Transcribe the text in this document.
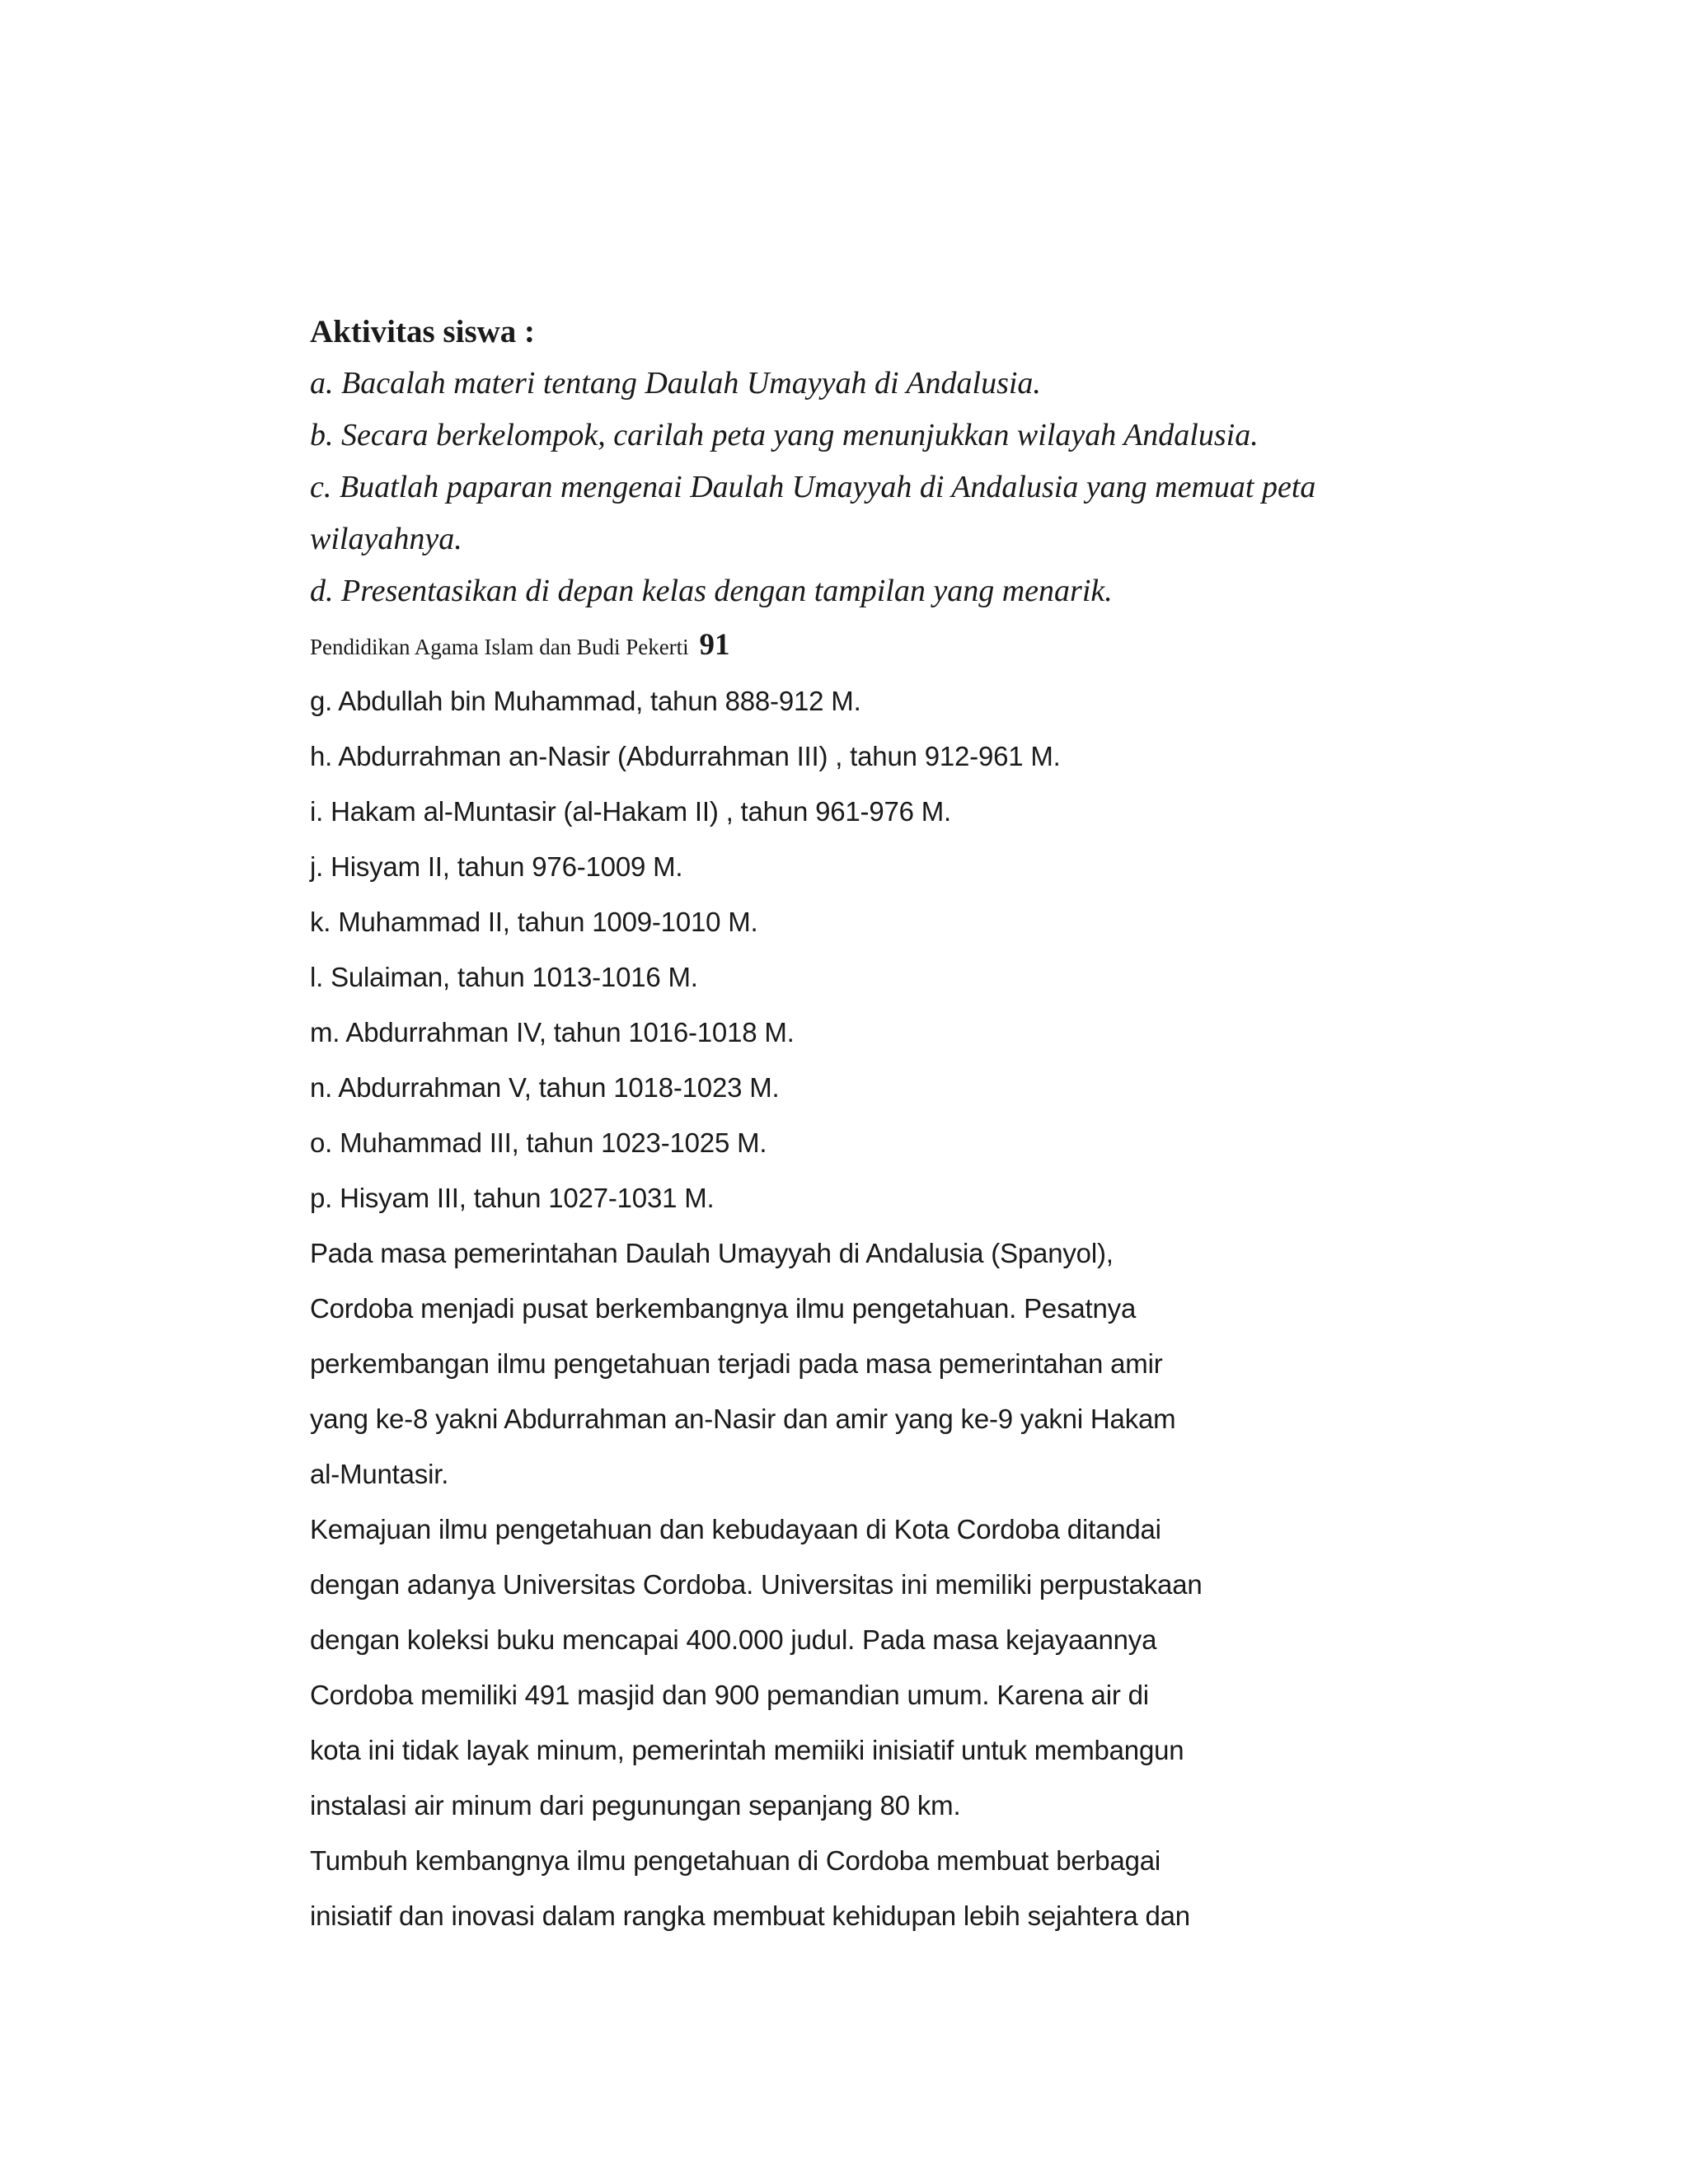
Aktivitas siswa :
a. Bacalah materi tentang Daulah Umayyah di Andalusia.
b. Secara berkelompok, carilah peta yang menunjukkan wilayah Andalusia.
c. Buatlah paparan mengenai Daulah Umayyah di Andalusia yang memuat peta
wilayahnya.
d. Presentasikan di depan kelas dengan tampilan yang menarik.
Pendidikan Agama Islam dan Budi Pekerti 91
g. Abdullah bin Muhammad, tahun 888-912 M.
h. Abdurrahman an-Nasir (Abdurrahman III) , tahun 912-961 M.
i. Hakam al-Muntasir (al-Hakam II) , tahun 961-976 M.
j. Hisyam II, tahun 976-1009 M.
k. Muhammad II, tahun 1009-1010 M.
l. Sulaiman, tahun 1013-1016 M.
m. Abdurrahman IV, tahun 1016-1018 M.
n. Abdurrahman V, tahun 1018-1023 M.
o. Muhammad III, tahun 1023-1025 M.
p. Hisyam III, tahun 1027-1031 M.
Pada masa pemerintahan Daulah Umayyah di Andalusia (Spanyol),
Cordoba menjadi pusat berkembangnya ilmu pengetahuan. Pesatnya
perkembangan ilmu pengetahuan terjadi pada masa pemerintahan amir
yang ke-8 yakni Abdurrahman an-Nasir dan amir yang ke-9 yakni Hakam
al-Muntasir.
Kemajuan ilmu pengetahuan dan kebudayaan di Kota Cordoba ditandai
dengan adanya Universitas Cordoba. Universitas ini memiliki perpustakaan
dengan koleksi buku mencapai 400.000 judul. Pada masa kejayaannya
Cordoba memiliki 491 masjid dan 900 pemandian umum. Karena air di
kota ini tidak layak minum, pemerintah memiiki inisiatif untuk membangun
instalasi air minum dari pegunungan sepanjang 80 km.
Tumbuh kembangnya ilmu pengetahuan di Cordoba membuat berbagai
inisiatif dan inovasi dalam rangka membuat kehidupan lebih sejahtera dan
